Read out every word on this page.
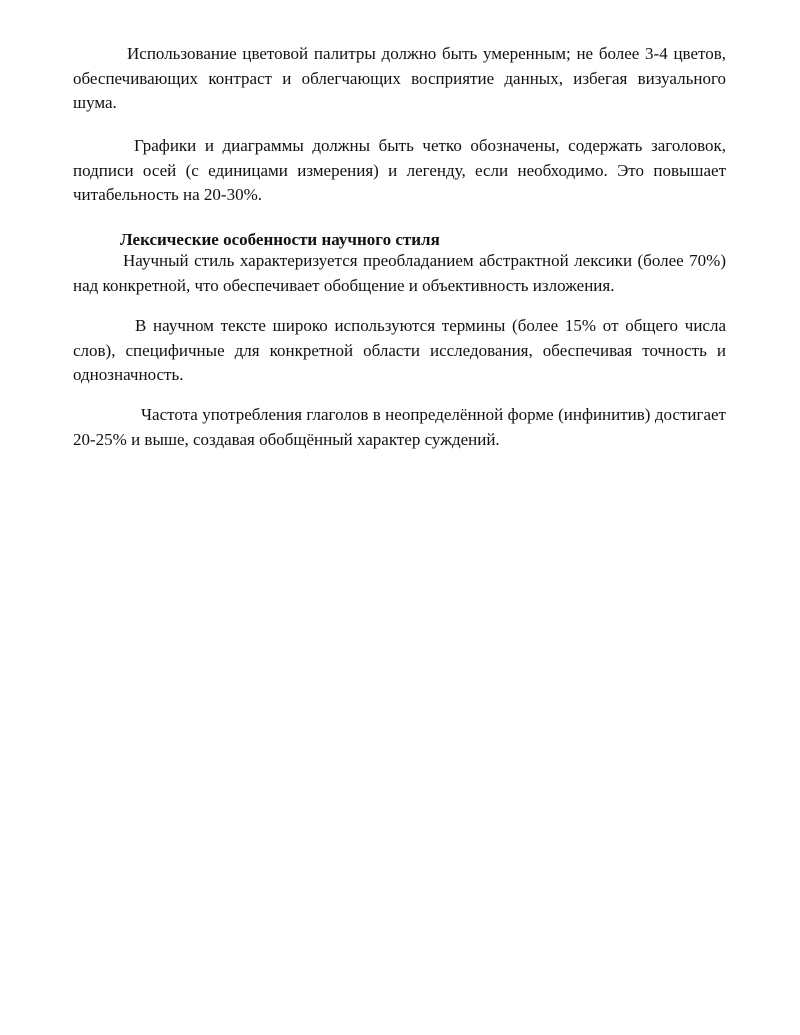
Использование цветовой палитры должно быть умеренным; не более 3-4 цветов, обеспечивающих контраст и облегчающих восприятие данных, избегая визуального шума.

Графики и диаграммы должны быть четко обозначены, содержать заголовок, подписи осей (с единицами измерения) и легенду, если необходимо. Это повышает читабельность на 20-30%.

Лексические особенности научного стиля

Научный стиль характеризуется преобладанием абстрактной лексики (более 70%) над конкретной, что обеспечивает обобщение и объективность изложения.

В научном тексте широко используются термины (более 15% от общего числа слов), специфичные для конкретной области исследования, обеспечивая точность и однозначность.

Частота употребления глаголов в неопределённой форме (инфинитив) достигает 20-25% и выше, создавая обобщённый характер суждений.
